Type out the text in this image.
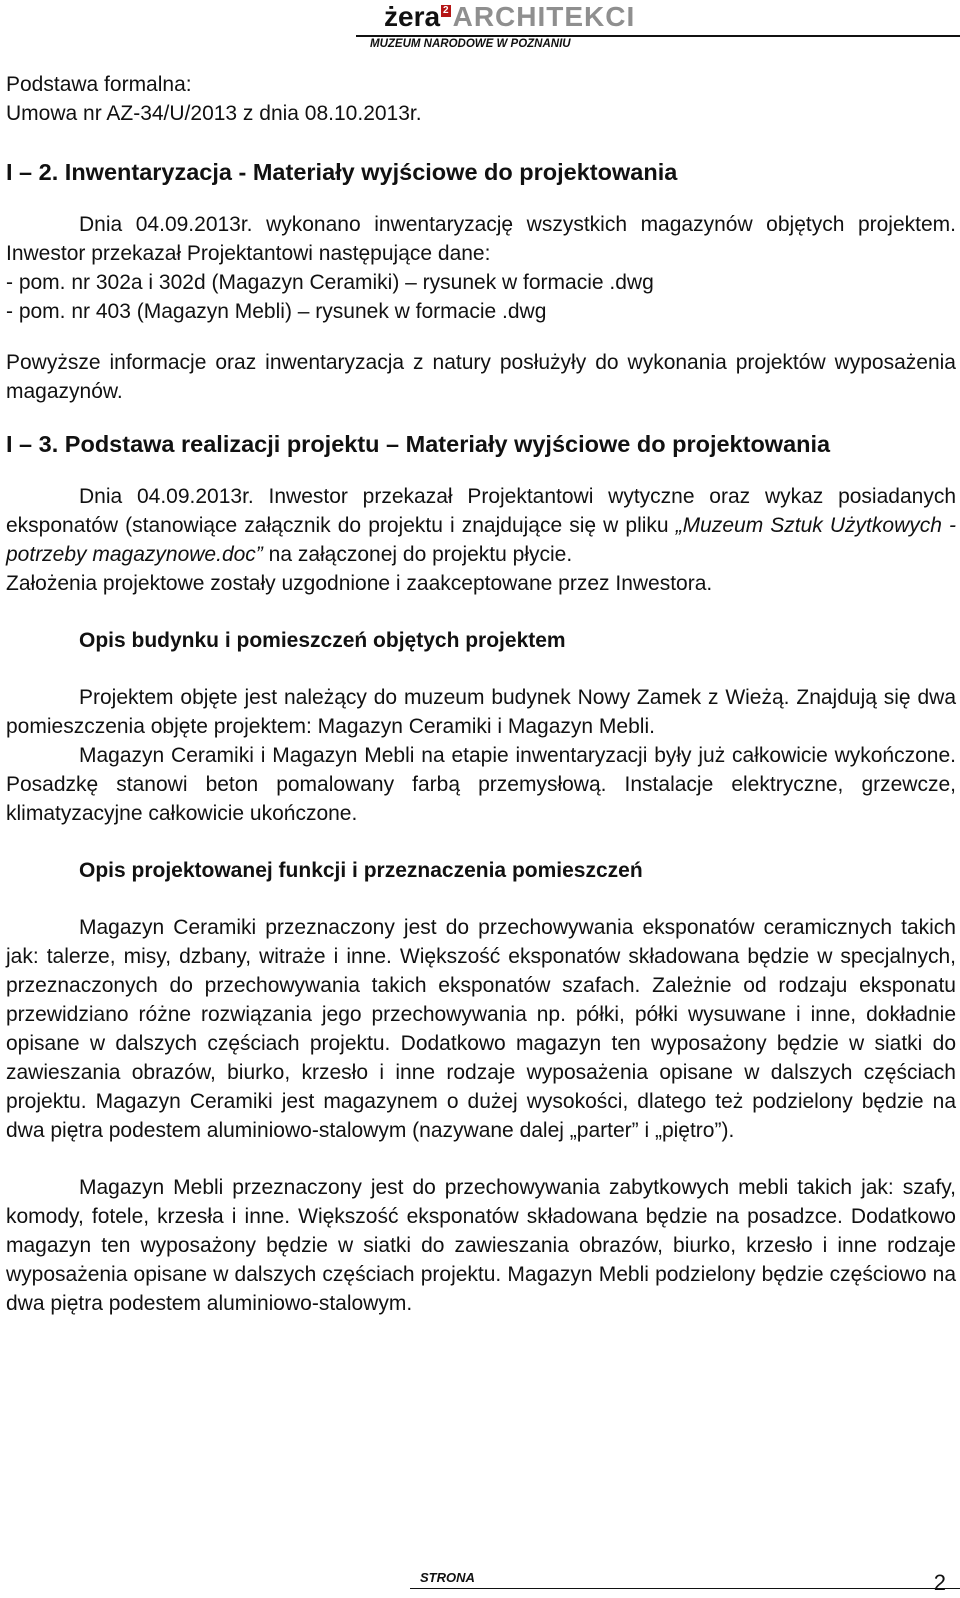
żera 2 ARCHITEKCI
MUZEUM NARODOWE W POZNANIU

Podstawa formalna:

Umowa nr AZ-34/U/2013 z dnia 08.10.2013r.

I – 2. Inwentaryzacja - Materiały wyjściowe do projektowania

Dnia 04.09.2013r. wykonano inwentaryzację wszystkich magazynów objętych projektem. Inwestor przekazał Projektantowi następujące dane:

- pom. nr 302a i 302d (Magazyn Ceramiki) – rysunek w formacie .dwg

- pom. nr 403 (Magazyn Mebli) – rysunek w formacie .dwg

Powyższe informacje oraz inwentaryzacja z natury posłużyły do wykonania projektów wyposażenia magazynów.

I – 3. Podstawa realizacji projektu – Materiały wyjściowe do projektowania

Dnia 04.09.2013r. Inwestor przekazał Projektantowi wytyczne oraz wykaz posiadanych eksponatów (stanowiące załącznik do projektu i znajdujące się w pliku „Muzeum Sztuk Użytkowych - potrzeby magazynowe.doc” na załączonej do projektu płycie.

Założenia projektowe zostały uzgodnione i zaakceptowane przez Inwestora.

Opis budynku i pomieszczeń objętych projektem

Projektem objęte jest należący do muzeum budynek Nowy Zamek z Wieżą. Znajdują się dwa pomieszczenia objęte projektem: Magazyn Ceramiki i Magazyn Mebli.

Magazyn Ceramiki i Magazyn Mebli na etapie inwentaryzacji były już całkowicie wykończone. Posadzkę stanowi beton pomalowany farbą przemysłową. Instalacje elektryczne, grzewcze, klimatyzacyjne całkowicie ukończone.

Opis projektowanej funkcji i przeznaczenia pomieszczeń

Magazyn Ceramiki przeznaczony jest do przechowywania eksponatów ceramicznych takich jak: talerze, misy, dzbany, witraże i inne. Większość eksponatów składowana będzie w specjalnych, przeznaczonych do przechowywania takich eksponatów szafach. Zależnie od rodzaju eksponatu przewidziano różne rozwiązania jego przechowywania np. półki, półki wysuwane i inne, dokładnie opisane w dalszych częściach projektu. Dodatkowo magazyn ten wyposażony będzie w siatki do zawieszania obrazów, biurko, krzesło i inne rodzaje wyposażenia opisane w dalszych częściach projektu. Magazyn Ceramiki jest magazynem o dużej wysokości, dlatego też podzielony będzie na dwa piętra podestem aluminiowo-stalowym (nazywane dalej „parter” i „piętro”).

Magazyn Mebli przeznaczony jest do przechowywania zabytkowych mebli takich jak: szafy, komody, fotele, krzesła i inne. Większość eksponatów składowana będzie na posadzce. Dodatkowo magazyn ten wyposażony będzie w siatki do zawieszania obrazów, biurko, krzesło i inne rodzaje wyposażenia opisane w dalszych częściach projektu. Magazyn Mebli podzielony będzie częściowo na dwa piętra podestem aluminiowo-stalowym.

STRONA	2
